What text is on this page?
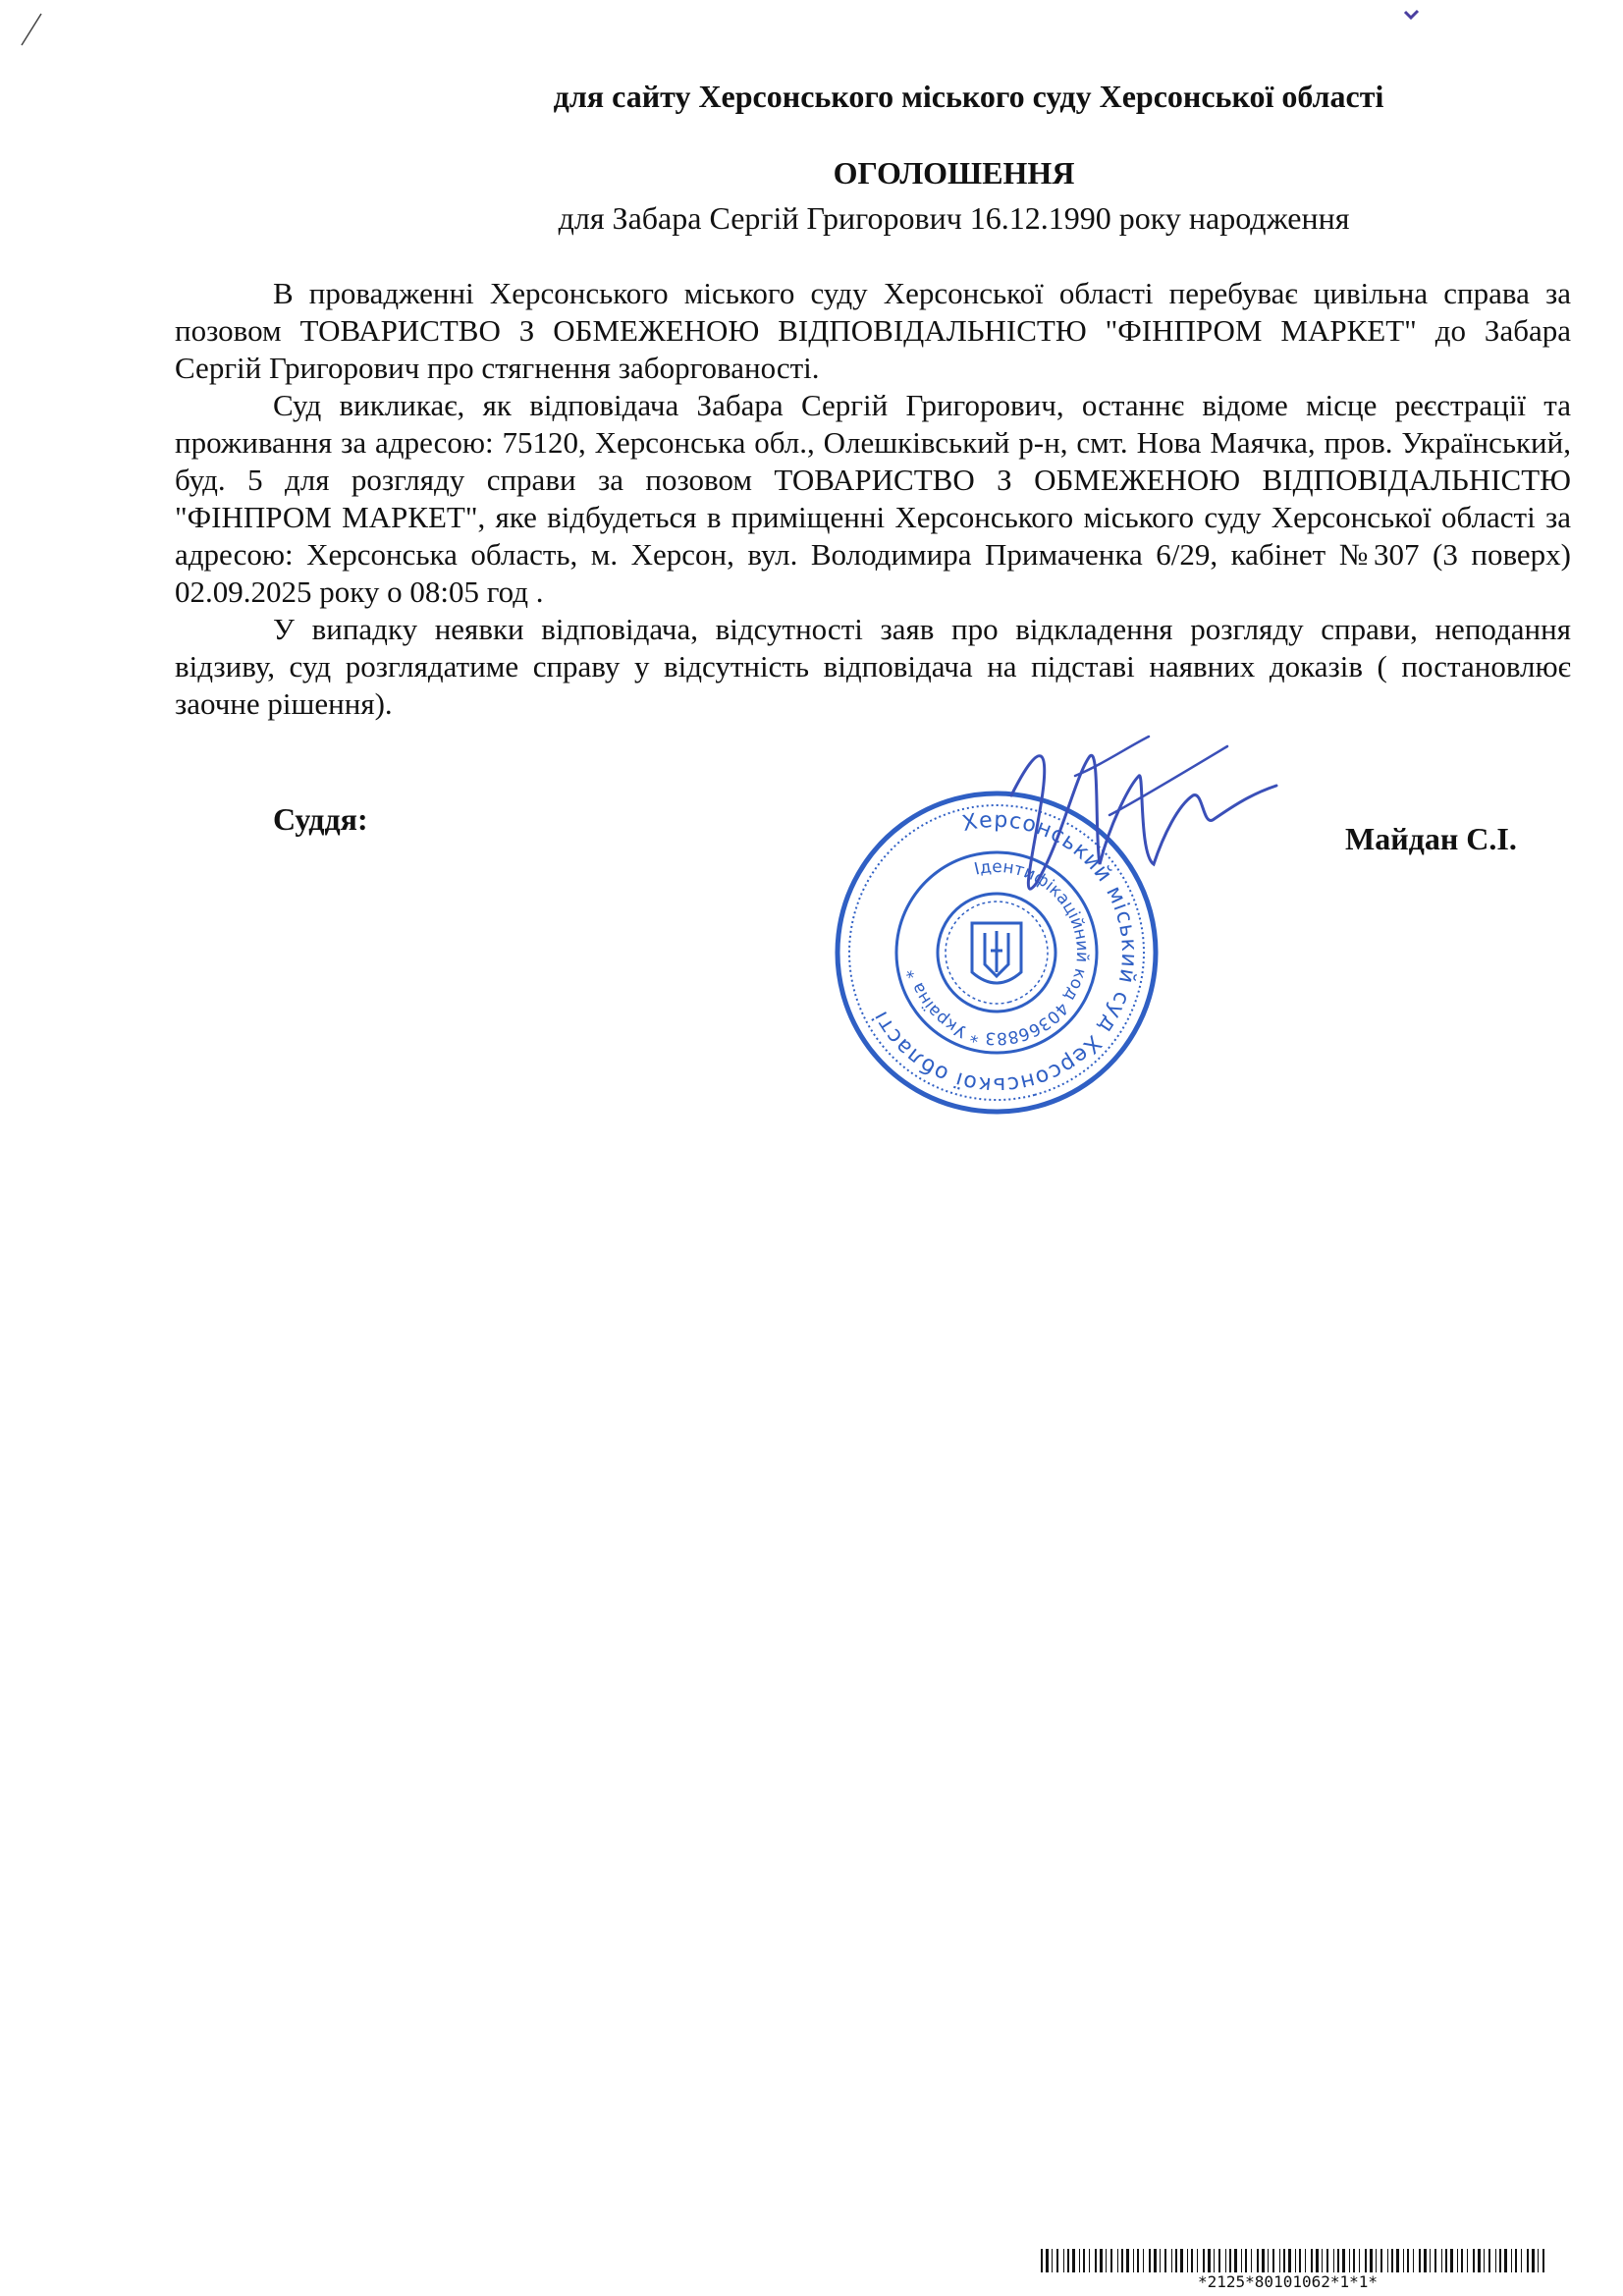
для сайту Херсонського міського суду Херсонської області
ОГОЛОШЕННЯ
для Забара Сергій Григорович 16.12.1990 року народження

В провадженні Херсонського міського суду Херсонської області перебуває цивільна справа за позовом ТОВАРИСТВО З ОБМЕЖЕНОЮ ВІДПОВІДАЛЬНІСТЮ "ФІНПРОМ МАРКЕТ" до Забара Сергій Григорович про стягнення заборгованості.

Суд викликає, як відповідача Забара Сергій Григорович, останнє відоме місце реєстрації та проживання за адресою: 75120, Херсонська обл., Олешківський р-н, смт. Нова Маячка, пров. Український, буд. 5 для розгляду справи за позовом ТОВАРИСТВО З ОБМЕЖЕНОЮ ВІДПОВІДАЛЬНІСТЮ "ФІНПРОМ МАРКЕТ", яке відбудеться в приміщенні Херсонського міського суду Херсонської області за адресою: Херсонська область, м. Херсон, вул. Володимира Примаченка 6/29, кабінет №307 (3 поверх) 02.09.2025 року о 08:05 год .

У випадку неявки відповідача, відсутності заяв про відкладення розгляду справи, неподання відзиву, суд розглядатиме справу у відсутність відповідача на підставі наявних доказів ( постановлює заочне рішення).

Суддя:
Майдан С.І.
Херсонський міський суд Херсонської області
Ідентифікаційний код 40366883 * Україна *
*2125*80101062*1*1*
